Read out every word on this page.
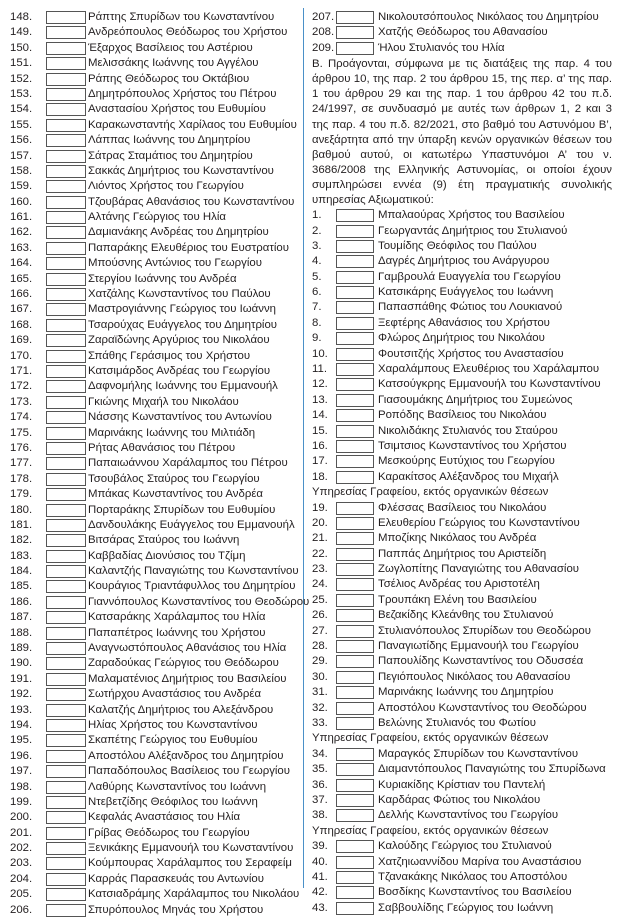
148.	Ράπτης Σπυρίδων του Κωνσταντίνου
149.	Ανδρεόπουλος Θεόδωρος του Χρήστου
150.	Έξαρχος Βασίλειος του Αστέριου
151.	Μελισσάκης Ιωάννης του Αγγέλου
152.	Ράπης Θεόδωρος του Οκτάβιου
153.	Δημητρόπουλος Χρήστος του Πέτρου
154.	Αναστασίου Χρήστος του Ευθυμίου
155.	Καρακωνσταντής Χαρίλαος του Ευθυμίου
156.	Λάππας Ιωάννης του Δημητρίου
157.	Σάτρας Σταμάτιος του Δημητρίου
158.	Σακκάς Δημήτριος του Κωνσταντίνου
159.	Λιόντος Χρήστος του Γεωργίου
160.	Τζουβάρας Αθανάσιος του Κωνσταντίνου
161.	Αλτάνης Γεώργιος του Ηλία
162.	Δαμιανάκης Ανδρέας του Δημητρίου
163.	Παπαράκης Ελευθέριος του Ευστρατίου
164.	Μπούσνης Αντώνιος του Γεωργίου
165.	Στεργίου Ιωάννης του Ανδρέα
166.	Χατζάλης Κωνσταντίνος του Παύλου
167.	Μαστρογιάννης Γεώργιος του Ιωάννη
168.	Τσαρούχας Ευάγγελος του Δημητρίου
169.	Ζαραϊδώνης Αργύριος του Νικολάου
170.	Σπάθης Γεράσιμος του Χρήστου
171.	Κατσιμάρδος Ανδρέας του Γεωργίου
172.	Δαφνομήλης Ιωάννης του Εμμανουήλ
173.	Γκιώνης Μιχαήλ του Νικολάου
174.	Νάσσης Κωνσταντίνος του Αντωνίου
175.	Μαρινάκης Ιωάννης του Μιλτιάδη
176.	Ρήτας Αθανάσιος του Πέτρου
177.	Παπαιωάννου Χαράλαμπος του Πέτρου
178.	Τσουβάλος Σταύρος του Γεωργίου
179.	Μπάκας Κωνσταντίνος του Ανδρέα
180.	Πορταράκης Σπυρίδων του Ευθυμίου
181.	Δανδουλάκης Ευάγγελος του Εμμανουήλ
182.	Βιτσάρας Σταύρος του Ιωάννη
183.	Καββαδίας Διονύσιος του Τζίμη
184.	Καλαντζής Παναγιώτης του Κωνσταντίνου
185.	Κουράγιος Τριαντάφυλλος του Δημητρίου
186.	Γιαννόπουλος Κωνσταντίνος του Θεοδώρου
187.	Κατσαράκης Χαράλαμπος του Ηλία
188.	Παπαπέτρος Ιωάννης του Χρήστου
189.	Αναγνωστόπουλος Αθανάσιος του Ηλία
190.	Ζαραδούκας Γεώργιος του Θεόδωρου
191.	Μαλαματένιος Δημήτριος του Βασιλείου
192.	Σωτήρχου Αναστάσιος του Ανδρέα
193.	Καλατζής Δημήτριος του Αλεξάνδρου
194.	Ηλίας Χρήστος του Κωνσταντίνου
195.	Σκαπέτης Γεώργιος του Ευθυμίου
196.	Αποστόλου Αλέξανδρος του Δημητρίου
197.	Παπαδόπουλος Βασίλειος του Γεωργίου
198.	Λαθύρης Κωνσταντίνος του Ιωάννη
199.	Ντεβετζίδης Θεόφιλος του Ιωάννη
200.	Κεφαλάς Αναστάσιος του Ηλία
201.	Γρίβας Θεόδωρος του Γεωργίου
202.	Ξενικάκης Εμμανουήλ του Κωνσταντίνου
203.	Κούμπουρας Χαράλαμπος του Σεραφείμ
204.	Καρράς Παρασκευάς του Αντωνίου
205.	Κατσιαδράμης Χαράλαμπος του Νικολάου
206.	Σπυρόπουλος Μηνάς του Χρήστου
207.	Νικολουτσόπουλος Νικόλαος του Δημητρίου
208.	Χατζής Θεόδωρος του Αθανασίου
209.	Ήλου Στυλιανός του Ηλία
Β. Προάγονται, σύμφωνα με τις διατάξεις της παρ. 4 του άρθρου 10, της παρ. 2 του άρθρου 15, της περ. α’ της παρ. 1 του άρθρου 29 και της παρ. 1 του άρθρου 42 του π.δ. 24/1997, σε συνδυασμό με αυτές των άρθρων 1, 2 και 3 της παρ. 4 του π.δ. 82/2021, στο βαθμό του Αστυνόμου Β’, ανεξάρτητα από την ύπαρξη κενών οργανικών θέσεων του βαθμού αυτού, οι κατωτέρω Υπαστυνόμοι Α’ του ν. 3686/2008 της Ελληνικής Αστυνομίας, οι οποίοι έχουν συμπληρώσει εννέα (9) έτη πραγματικής συνολικής υπηρεσίας Αξιωματικού:
1.	Μπαλαούρας Χρήστος του Βασιλείου
2.	Γεωργαντάς Δημήτριος του Στυλιανού
3.	Τουμίδης Θεόφιλος του Παύλου
4.	Δαγρές Δημήτριος του Ανάργυρου
5.	Γαμβρουλά Ευαγγελία του Γεωργίου
6.	Κατσικάρης Ευάγγελος του Ιωάννη
7.	Παπασπάθης Φώτιος του Λουκιανού
8.	Ξεφτέρης Αθανάσιος του Χρήστου
9.	Φλώρος Δημήτριος του Νικολάου
10.	Φουτσιτζής Χρήστος του Αναστασίου
11.	Χαραλάμπους Ελευθέριος του Χαράλαμπου
12.	Κατσούγκρης Εμμανουήλ του Κωνσταντίνου
13.	Γιασουμάκης Δημήτριος του Συμεώνος
14.	Ροπόδης Βασίλειος του Νικολάου
15.	Νικολιδάκης Στυλιανός του Σταύρου
16.	Τσιμτσιος Κωνσταντίνος του Χρήστου
17.	Μεσκούρης Ευτύχιος του Γεωργίου
18.	Καρακίτσος Αλέξανδρος του Μιχαήλ
Υπηρεσίας Γραφείου, εκτός οργανικών θέσεων
19.	Φλέσσας Βασίλειος του Νικολάου
20.	Ελευθερίου Γεώργιος του Κωνσταντίνου
21.	Μποζίκης Νικόλαος του Ανδρέα
22.	Παππάς Δημήτριος του Αριστείδη
23.	Ζωγλοπίτης Παναγιώτης του Αθανασίου
24.	Τσέλιος Ανδρέας του Αριστοτέλη
25.	Τρουπάκη Ελένη του Βασιλείου
26.	Βεζακίδης Κλεάνθης του Στυλιανού
27.	Στυλιανόπουλος Σπυρίδων του Θεοδώρου
28.	Παναγιωτίδης Εμμανουήλ του Γεωργίου
29.	Παπουλίδης Κωνσταντίνος του Οδυσσέα
30.	Πεγιόπουλος Νικόλαος του Αθανασίου
31.	Μαρινάκης Ιωάννης του Δημητρίου
32.	Αποστόλου Κωνσταντίνος του Θεοδώρου
33.	Βελώνης Στυλιανός του Φωτίου
Υπηρεσίας Γραφείου, εκτός οργανικών θέσεων
34.	Μαραγκός Σπυρίδων του Κωνσταντίνου
35.	Διαμαντόπουλος Παναγιώτης του Σπυρίδωνα
36.	Κυριακίδης Κρίστιαν του Παντελή
37.	Καρδάρας Φώτιος του Νικολάου
38.	Δελλής Κωνσταντίνος του Γεωργίου
Υπηρεσίας Γραφείου, εκτός οργανικών θέσεων
39.	Καλούδης Γεώργιος του Στυλιανού
40.	Χατζηιωαννίδου Μαρίνα του Αναστάσιου
41.	Τζανακάκης Νικόλαος του Αποστόλου
42.	Βοσδίκης Κωνσταντίνος του Βασιλείου
43.	Σαββουλίδης Γεώργιος του Ιωάννη
